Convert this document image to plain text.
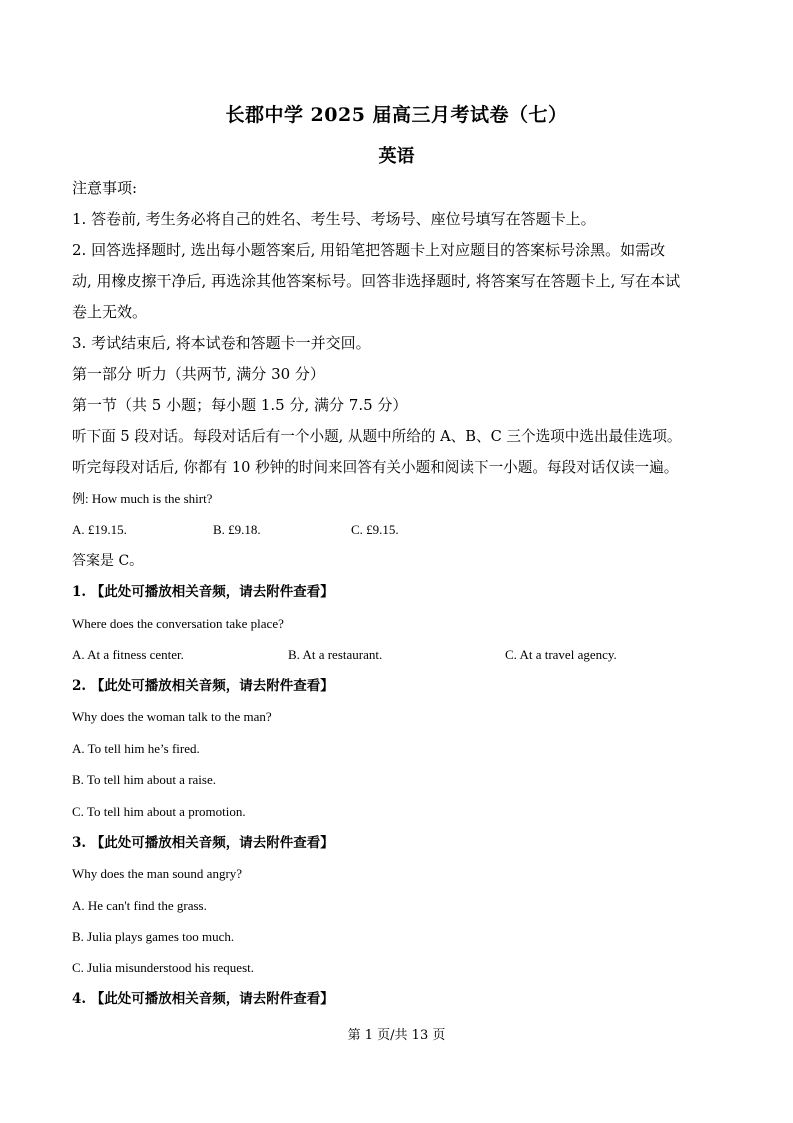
长郡中学 2025 届高三月考试卷（七）
英语
注意事项:
1. 答卷前, 考生务必将自己的姓名、考生号、考场号、座位号填写在答题卡上。
2. 回答选择题时, 选出每小题答案后, 用铅笔把答题卡上对应题目的答案标号涂黑。如需改
动, 用橡皮擦干净后, 再选涂其他答案标号。回答非选择题时, 将答案写在答题卡上, 写在本试
卷上无效。
3. 考试结束后, 将本试卷和答题卡一并交回。
第一部分 听力（共两节, 满分 30 分）
第一节（共 5 小题；每小题 1.5 分, 满分 7.5 分）
听下面 5 段对话。每段对话后有一个小题, 从题中所给的 A、B、C 三个选项中选出最佳选项。
听完每段对话后, 你都有 10 秒钟的时间来回答有关小题和阅读下一小题。每段对话仅读一遍。
例: How much is the shirt?
A. £19.15.	B. £9.18.	C. £9.15.
答案是 C。
1. 【此处可播放相关音频，请去附件查看】
Where does the conversation take place?
A. At a fitness center.	B. At a restaurant.	C. At a travel agency.
2. 【此处可播放相关音频，请去附件查看】
Why does the woman talk to the man?
A. To tell him he’s fired.
B. To tell him about a raise.
C. To tell him about a promotion.
3. 【此处可播放相关音频，请去附件查看】
Why does the man sound angry?
A. He can't find the grass.
B. Julia plays games too much.
C. Julia misunderstood his request.
4. 【此处可播放相关音频，请去附件查看】
第 1 页/共 13 页
